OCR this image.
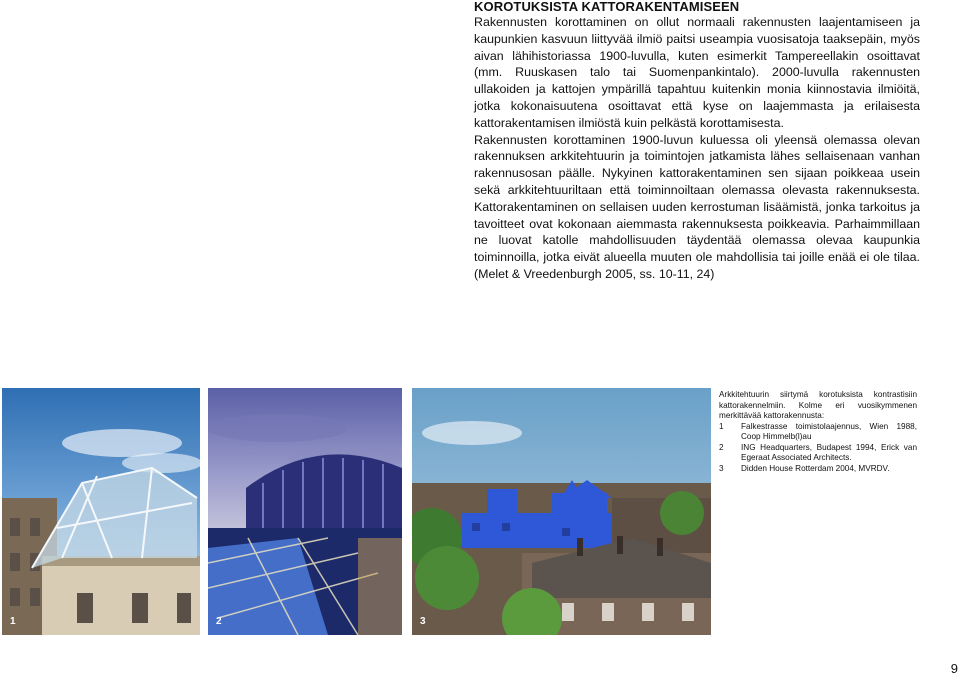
KOROTUKSISTA KATTORAKENTAMISEEN

Rakennusten korottaminen on ollut normaali rakennusten laajentamiseen ja kaupunkien kasvuun liittyvää ilmiö paitsi useampia vuosisatoja taaksepäin, myös aivan lähihistoriassa 1900-luvulla, kuten esimerkit Tampereellakin osoittavat (mm. Ruuskasen talo tai Suomenpankintalo). 2000-luvulla rakennusten ullakoiden ja kattojen ympärillä tapahtuu kuitenkin monia kiinnostavia ilmiöitä, jotka kokonaisuutena osoittavat että kyse on laajemmasta ja erilaisesta kattorakentamisen ilmiöstä kuin pelkästä korottamisesta.

Rakennusten korottaminen 1900-luvun kuluessa oli yleensä olemassa olevan rakennuksen arkkitehtuurin ja toimintojen jatkamista lähes sellaisenaan vanhan rakennusosan päälle. Nykyinen kattorakentaminen sen sijaan poikkeaa usein sekä arkkitehtuuriltaan että toiminnoiltaan olemassa olevasta rakennuksesta. Kattorakentaminen on sellaisen uuden kerrostuman lisäämistä, jonka tarkoitus ja tavoitteet ovat kokonaan aiemmasta rakennuksesta poikkeavia. Parhaimmillaan ne luovat katolle mahdollisuuden täydentää olemassa olevaa kaupunkia toiminnoilla, jotka eivät alueella muuten ole mahdollisia tai joille enää ei ole tilaa. (Melet & Vreedenburgh 2005, ss. 10-11, 24)

1	2	3

Arkkitehtuurin siirtymä korotuksista kontrastisiin kattorakennelmiin. Kolme eri vuosikymmenen merkittävää kattorakennusta:

1 Falkestrasse toimistolaajennus, Wien 1988, Coop Himmelb(l)au
2 ING Headquarters, Budapest 1994, Erick van Egeraat Associated Architects.
3 Didden House Rotterdam 2004, MVRDV.
9
